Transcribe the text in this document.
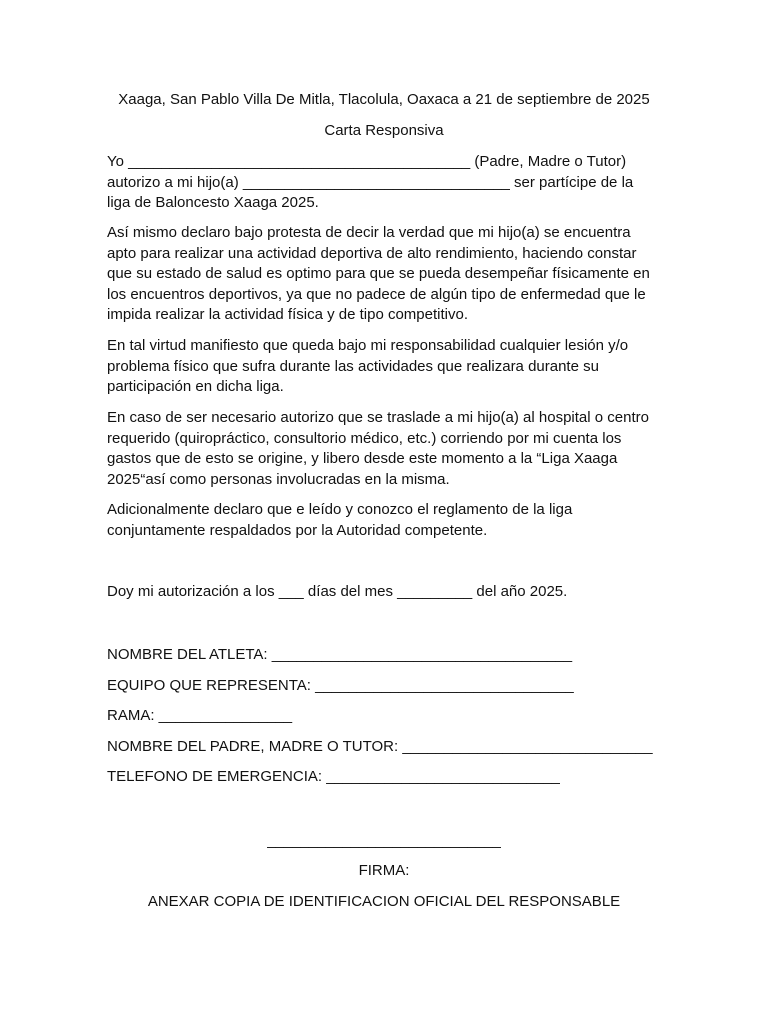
Xaaga, San Pablo Villa De Mitla, Tlacolula, Oaxaca a 21 de septiembre de 2025
Carta Responsiva
Yo _________________________________________ (Padre, Madre o Tutor)
autorizo a mi hijo(a) ________________________________ ser partícipe de la
liga de Baloncesto Xaaga 2025.
Así mismo declaro bajo protesta de decir la verdad que mi hijo(a) se encuentra
apto para realizar una actividad deportiva de alto rendimiento, haciendo constar
que su estado de salud es optimo para que se pueda desempeñar físicamente en
los encuentros deportivos, ya que no padece de algún tipo de enfermedad que le
impida realizar la actividad física y de tipo competitivo.
En tal virtud manifiesto que queda bajo mi responsabilidad cualquier lesión y/o
problema físico que sufra durante las actividades que realizara durante su
participación en dicha liga.
En caso de ser necesario autorizo que se traslade a mi hijo(a) al hospital o centro
requerido (quiropráctico, consultorio médico, etc.) corriendo por mi cuenta los
gastos que de esto se origine, y libero desde este momento a la “Liga Xaaga
2025“así como personas involucradas en la misma.
Adicionalmente declaro que e leído y conozco el reglamento de la liga
conjuntamente respaldados por la Autoridad competente.
Doy mi autorización a los ___ días del mes _________ del año 2025.
NOMBRE DEL ATLETA: ____________________________________
EQUIPO QUE REPRESENTA: _______________________________
RAMA: ________________
NOMBRE DEL PADRE, MADRE O TUTOR: ______________________________
TELEFONO DE EMERGENCIA: ____________________________
____________________________
FIRMA:
ANEXAR COPIA DE IDENTIFICACION OFICIAL DEL RESPONSABLE
